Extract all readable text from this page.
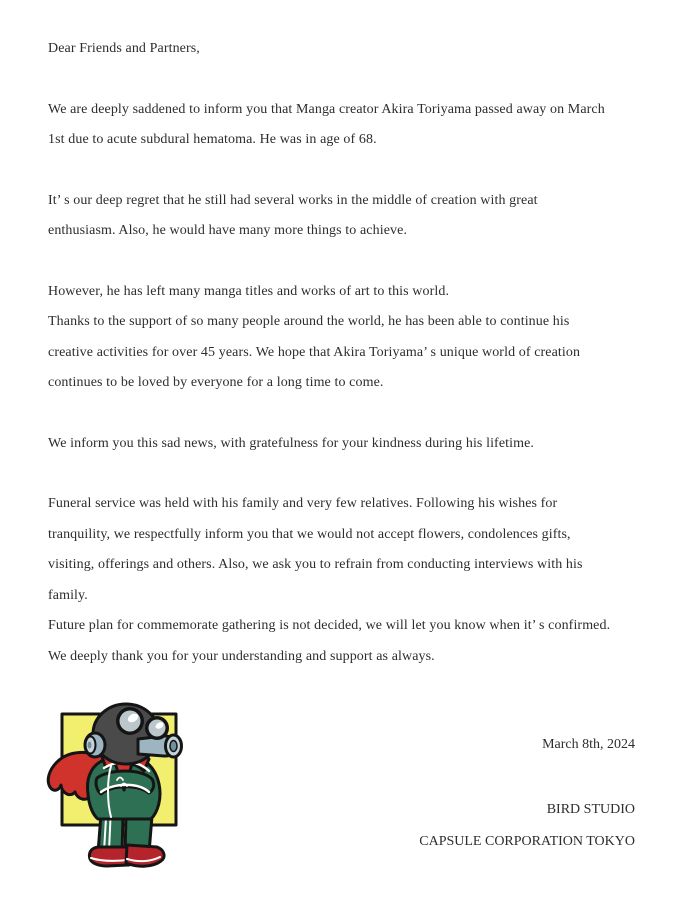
Dear Friends and Partners,
We are deeply saddened to inform you that Manga creator Akira Toriyama passed away on March
1st due to acute subdural hematoma. He was in age of 68.
It’ s our deep regret that he still had several works in the middle of creation with great
enthusiasm. Also, he would have many more things to achieve.
However, he has left many manga titles and works of art to this world.
Thanks to the support of so many people around the world, he has been able to continue his
creative activities for over 45 years. We hope that Akira Toriyama’ s unique world of creation
continues to be loved by everyone for a long time to come.
We inform you this sad news, with gratefulness for your kindness during his lifetime.
Funeral service was held with his family and very few relatives. Following his wishes for
tranquility, we respectfully inform you that we would not accept flowers, condolences gifts,
visiting, offerings and others. Also, we ask you to refrain from conducting interviews with his
family.
Future plan for commemorate gathering is not decided, we will let you know when it’ s confirmed.
We deeply thank you for your understanding and support as always.
March 8th, 2024
BIRD STUDIO
CAPSULE CORPORATION TOKYO
